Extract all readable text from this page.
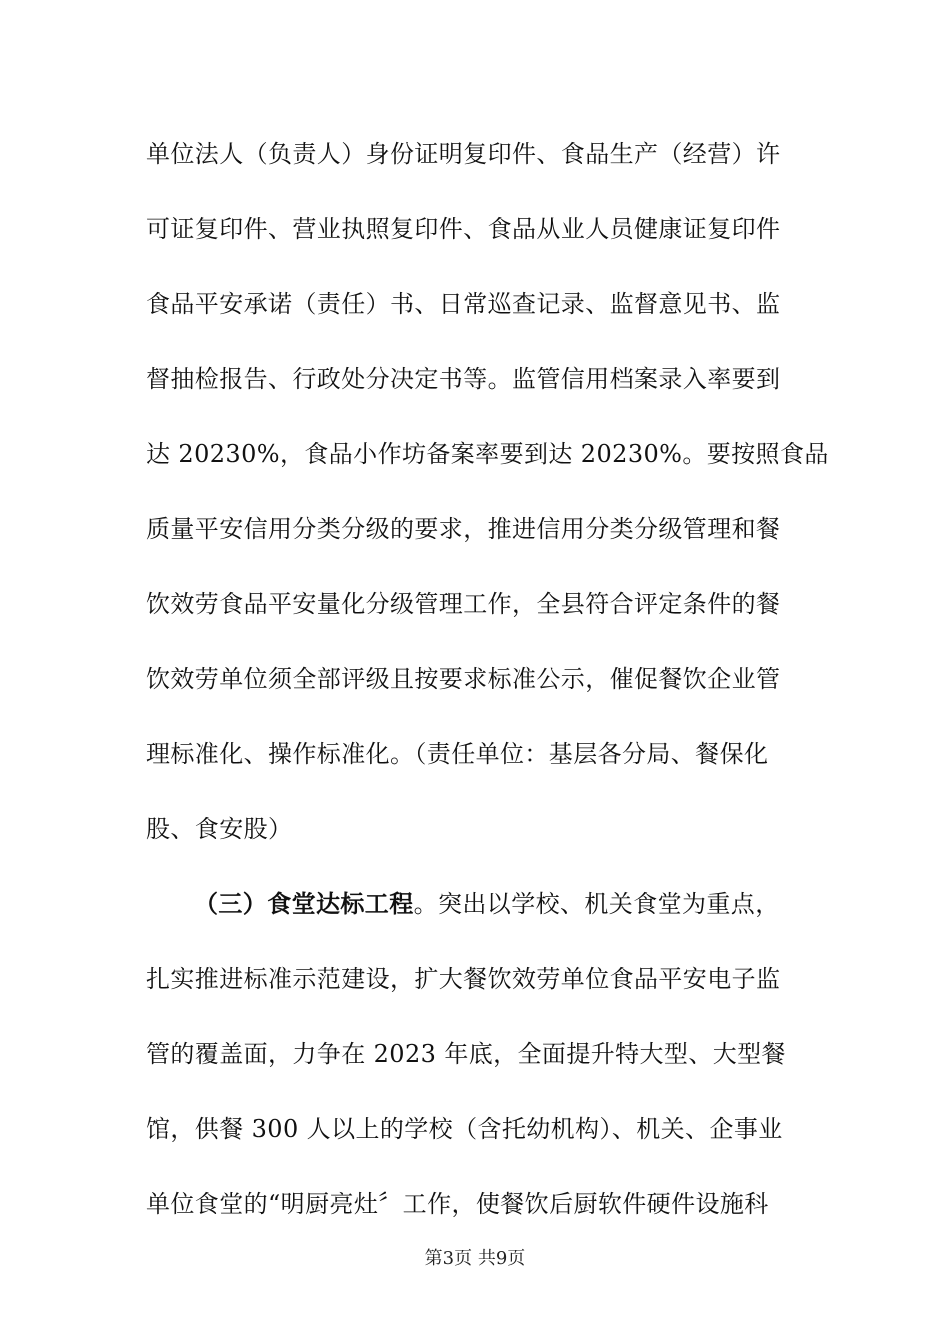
单位法人（负责人）身份证明复印件、食品生产（经营）许
可证复印件、营业执照复印件、食品从业人员健康证复印件
食品平安承诺（责任）书、日常巡查记录、监督意见书、监
督抽检报告、行政处分决定书等。监管信用档案录入率要到
达 20230%，食品小作坊备案率要到达 20230%。要按照食品
质量平安信用分类分级的要求，推进信用分类分级管理和餐
饮效劳食品平安量化分级管理工作，全县符合评定条件的餐
饮效劳单位须全部评级且按要求标准公示，催促餐饮企业管
理标准化、操作标准化。（责任单位：基层各分局、餐保化
股、食安股）
（三）食堂达标工程。突出以学校、机关食堂为重点，
扎实推进标准示范建设，扩大餐饮效劳单位食品平安电子监
管的覆盖面，力争在 2023 年底，全面提升特大型、大型餐
馆，供餐 300 人以上的学校（含托幼机构）、机关、企事业
单位食堂的“明厨亮灶〞工作，使餐饮后厨软件硬件设施科
第3页 共9页
